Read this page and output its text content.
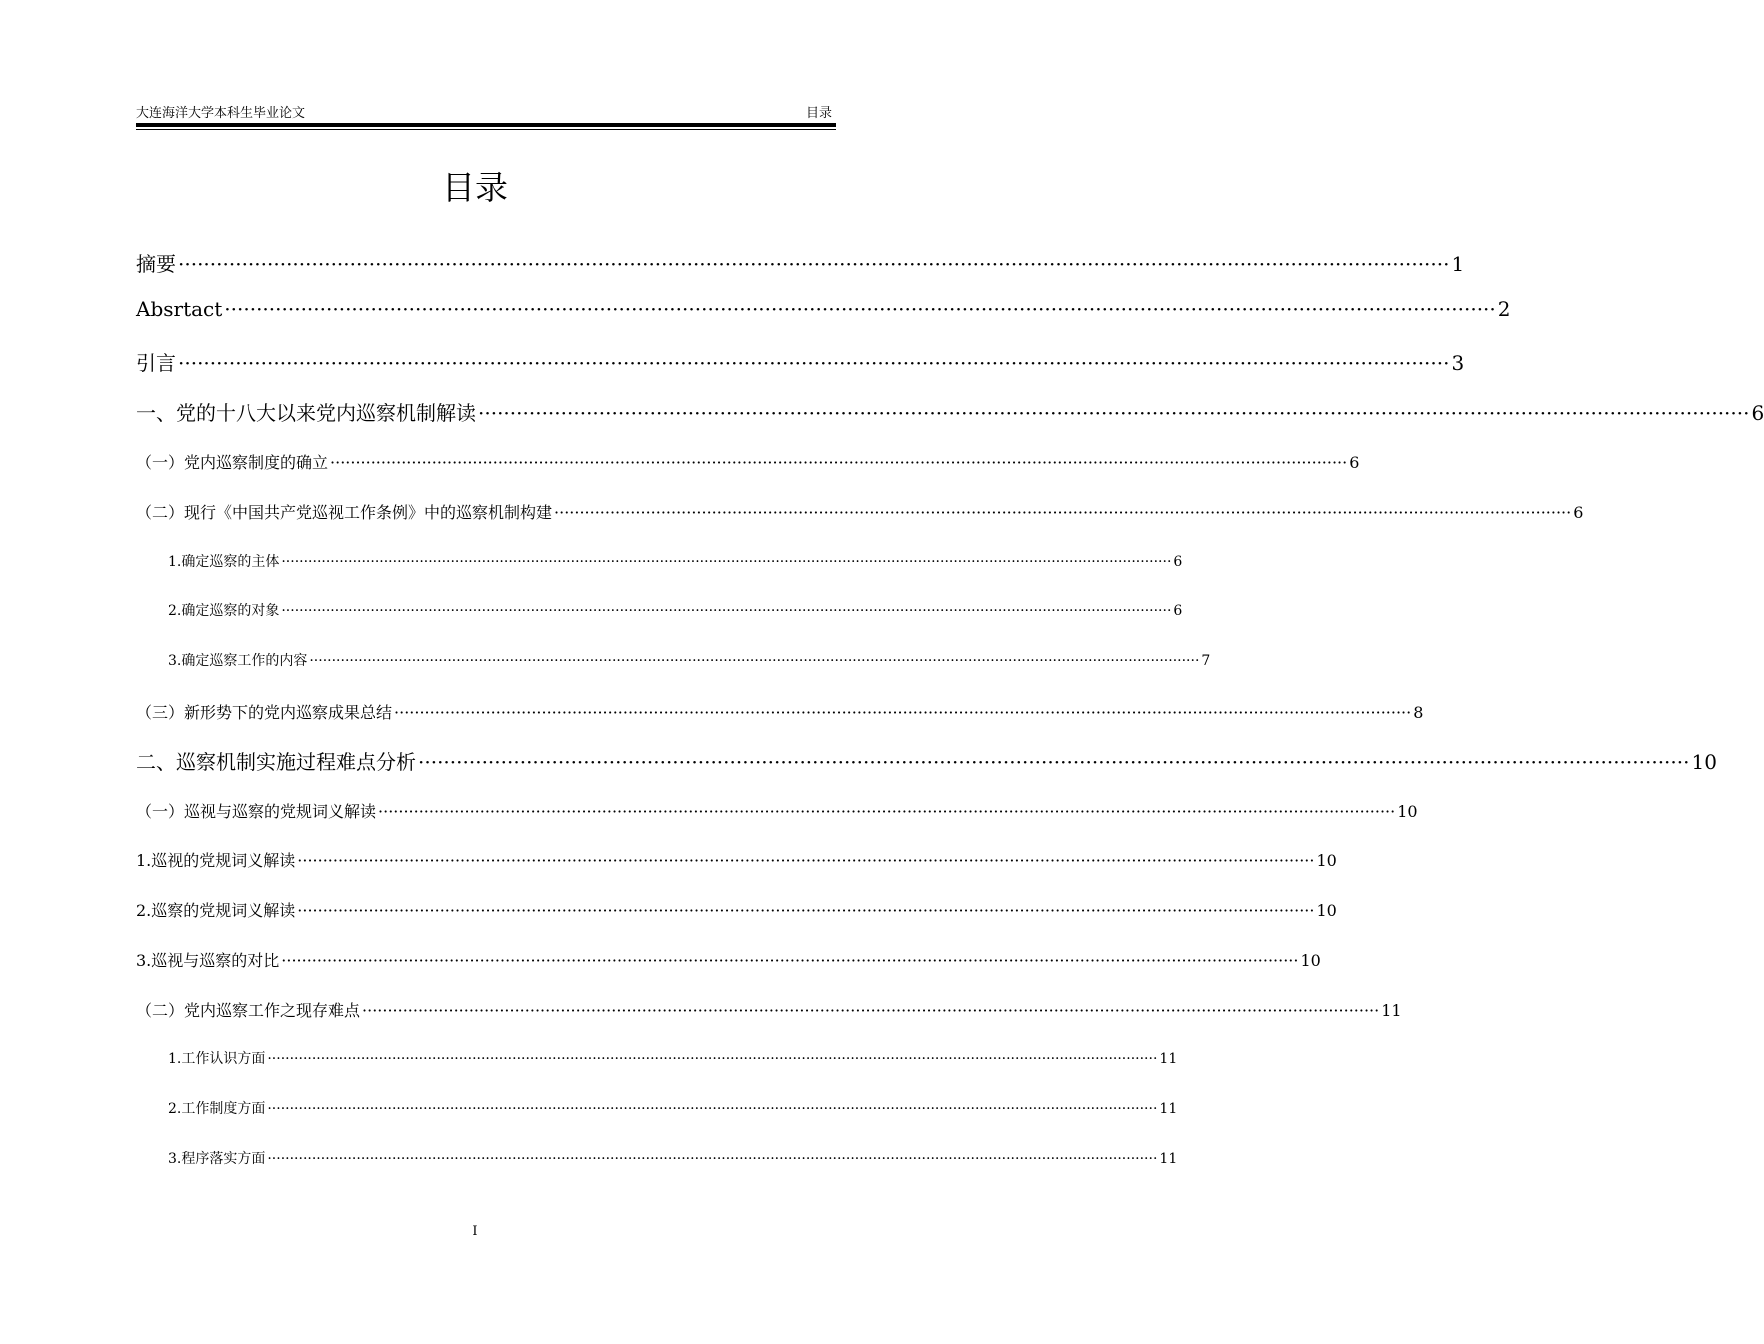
大连海洋大学本科生毕业论文	目录
目录
摘要 ········································································································································································································ 1
Absrtact ········································································································································································································ 2
引言 ········································································································································································································ 3
一、党的十八大以来党内巡察机制解读 ········································································································································································································ 6
（一）党内巡察制度的确立 ········································································································································································································ 6
（二）现行《中国共产党巡视工作条例》中的巡察机制构建 ········································································································································································································ 6
1.确定巡察的主体 ········································································································································································································ 6
2.确定巡察的对象 ········································································································································································································ 6
3.确定巡察工作的内容 ········································································································································································································ 7
（三）新形势下的党内巡察成果总结 ········································································································································································································ 8
二、巡察机制实施过程难点分析 ········································································································································································································ 10
（一）巡视与巡察的党规词义解读 ········································································································································································································ 10
1.巡视的党规词义解读 ········································································································································································································ 10
2.巡察的党规词义解读 ········································································································································································································ 10
3.巡视与巡察的对比 ········································································································································································································ 10
（二）党内巡察工作之现存难点 ········································································································································································································ 11
1.工作认识方面 ········································································································································································································ 11
2.工作制度方面 ········································································································································································································ 11
3.程序落实方面 ········································································································································································································ 11
I
